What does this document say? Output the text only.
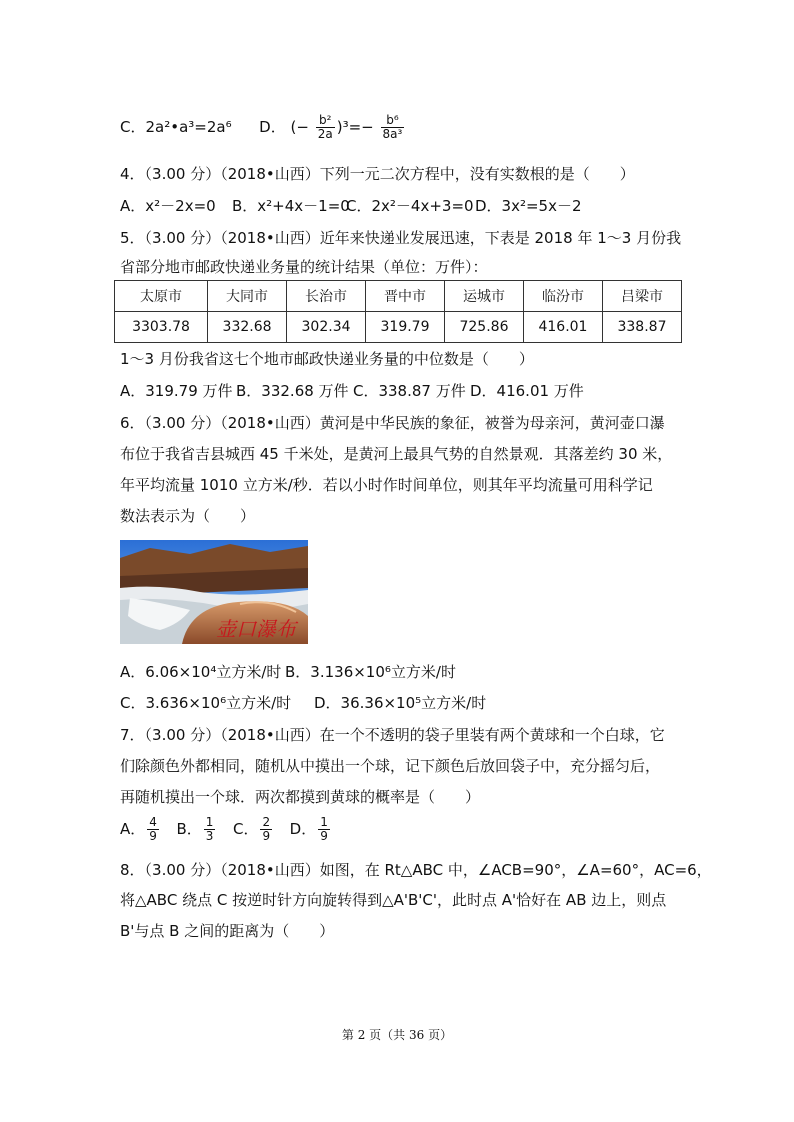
C．2a²•a³=2a⁶ D． (− $\frac{\text{b²}}{2a} )^3=- \frac{\text{b⁶}}{\text{8a³}}$
4．（3.00 分）（2018•山西）下列一元二次方程中，没有实数根的是（　　）
A．x²－2x=0 B．x²+4x－1=0C．2x²－4x+3=0D．3x²=5x－2
5．（3.00 分）（2018•山西）近年来快递业发展迅速，下表是 2018 年 1～3 月份我
省部分地市邮政快递业务量的统计结果（单位：万件）：
太原市	大同市	长治市	晋中市	运城市	临汾市	吕梁市
3303.78	332.68	302.34	319.79	725.86	416.01	338.87
1～3 月份我省这七个地市邮政快递业务量的中位数是（　　）
A．319.79 万件 B．332.68 万件 C．338.87 万件 D．416.01 万件
6．（3.00 分）（2018•山西）黄河是中华民族的象征，被誉为母亲河，黄河壶口瀑
布位于我省吉县城西 45 千米处，是黄河上最具气势的自然景观．其落差约 30 米，
年平均流量 1010 立方米/秒．若以小时作时间单位，则其年平均流量可用科学记
数法表示为（　　）
壶口瀑布
A．6.06×10⁴立方米/时 B．3.136×10⁶立方米/时
C．3.636×10⁶立方米/时 D．36.36×10⁵立方米/时
7．（3.00 分）（2018•山西）在一个不透明的袋子里装有两个黄球和一个白球，它
们除颜色外都相同，随机从中摸出一个球，记下颜色后放回袋子中，充分摇匀后，
再随机摸出一个球．两次都摸到黄球的概率是（　　）
A． $\frac{4}{9}$ B． $\frac{1}{3}$ C． $\frac{2}{9}$ D． $\frac{1}{9}$
8．（3.00 分）（2018•山西）如图，在 Rt△ABC 中，∠ACB=90°，∠A=60°，AC=6，
将△ABC 绕点 C 按逆时针方向旋转得到△A'B'C'，此时点 A'恰好在 AB 边上，则点
B'与点 B 之间的距离为（　　）
第 2 页（共 36 页）
